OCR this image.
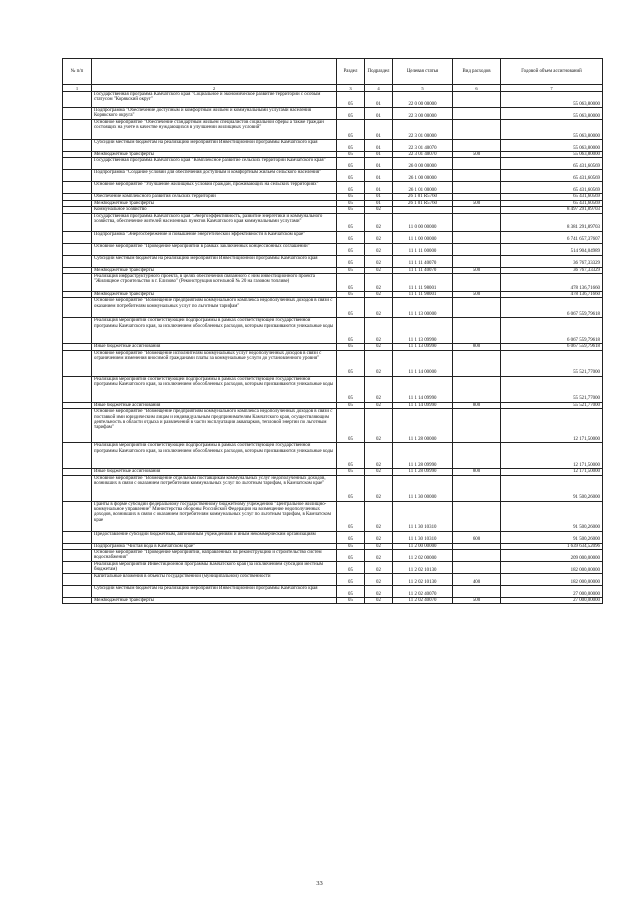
№ п/п	Наименование	Раздел	Подраздел	Целевая статья	Вид расходов	Годовой объем ассигнований
1	2	3	4	5	6	7
	Государственная программа Камчатского края "Социальное и экономическое развитие территории с особым статусом "Корякский округ"	05	01	22 0 00 00000		55 063,80000
	Подпрограмма "Обеспечение доступным и комфортным жильем и коммунальными услугами населения Корякского округа"	05	01	22 3 00 00000		55 063,80000
	Основное мероприятие "Обеспечение стандартным жильем специалистов социальной сферы а также граждан состоящих на учете в качестве нуждающихся в улучшении жилищных условий"	05	01	22 3 01 00000		55 063,80000
	Субсидии местным бюджетам на реализацию мероприятий Инвестиционной программы Камчатского края	05	01	22 3 01 40070		55 063,80000
	Межбюджетные трансферты	05	01	22 3 01 40070	500	55 063,80000
	Государственная программа Камчатского края "Комплексное развитие сельских территорий Камчатского края"	05	01	26 0 00 00000		65 431,60569
	Подпрограмма "Создание условий для обеспечения доступным и комфортным жильем сельского населения"	05	01	26 1 00 00000		65 431,60569
	Основное мероприятие "Улучшение жилищных условий граждан, проживающих на сельских территориях"	05	01	26 1 01 00000		65 431,60569
	Обеспечение комплексного развития сельских территорий	05	01	26 1 01 R5760		65 431,60569
	Межбюджетные трансферты	05	01	26 1 01 R5760	500	65 431,60569
	Коммунальное хозяйство	05	02			8 497 291,89703
	Государственная программа Камчатского края "Энергоэффективность, развитие энергетики и коммунального хозяйства, обеспечение жителей населенных пунктов Камчатского края коммунальными услугами"	05	02	11 0 00 00000		8 381 291,89703
	Подпрограмма "Энергосбережение и повышение энергетической эффективности в Камчатском крае"	05	02	11 1 00 00000		6 741 657,37607
	Основное мероприятие "Проведение мероприятий в рамках заключенных концессионных соглашений"	05	02	11 1 11 00000		514 904,04989
	Субсидии местным бюджетам на реализацию мероприятий Инвестиционной программы Камчатского края	05	02	11 1 11 40070		36 767,33329
	Межбюджетные трансферты	05	02	11 1 11 40070	500	36 767,33329
	Реализация инфраструктурного проекта, в целях обеспечения связанного с ним инвестиционного проекта "Жилищное строительство в г. Елизово" (Реконструкция котельной № 20 на газовом топливе)	05	02	11 1 11 98001		478 136,71660
	Межбюджетные трансферты	05	02	11 1 11 98001	500	478 136,71660
	Основное мероприятие "Возмещение предприятиям коммунального комплекса недополученных доходов в связи с оказанием потребителям коммунальных услуг по льготным тарифам"	05	02	11 1 13 00000		6 067 559,79618
	Реализация мероприятий соответствующей подпрограммы в рамках соответствующей государственной программы Камчатского края, за исключением обособленных расходов, которым присваиваются уникальные коды	05	02	11 1 13 09990		6 067 559,79618
	Иные бюджетные ассигнования	05	02	11 1 13 09990	800	6 067 559,79618
	Основное мероприятие "Возмещение исполнителям коммунальных услуг недополученных доходов в связи с ограничением изменения вносимой гражданами платы за коммунальные услуги до установленного уровня"	05	02	11 1 14 00000		55 521,77000
	Реализация мероприятий соответствующей подпрограммы в рамках соответствующей государственной программы Камчатского края, за исключением обособленных расходов, которым присваиваются уникальные коды	05	02	11 1 14 09990		55 521,77000
	Иные бюджетные ассигнования	05	02	11 1 14 09990	800	55 521,77000
	Основное мероприятие "Возмещение предприятиям коммунального комплекса недополученных доходов в связи с поставкой ими юридическим лицам и индивидуальным предпринимателям Камчатского края, осуществляющим деятельность в области отдыха и развлечений в части эксплуатации аквапарков, тепловой энергии по льготным тарифам"	05	02	11 1 28 00000		12 171,50000
	Реализация мероприятий соответствующей подпрограммы в рамках соответствующей государственной программы Камчатского края, за исключением обособленных расходов, которым присваиваются уникальные коды	05	02	11 1 28 09990		12 171,50000
	Иные бюджетные ассигнования	05	02	11 1 28 09990	800	12 171,50000
	Основное мероприятие "Возмещение отдельным поставщикам коммунальных услуг недополученных доходов, возникших в связи с оказанием потребителям коммунальных услуг по льготным тарифам, в Камчатском крае"	05	02	11 1 30 00000		91 500,26000
	Гранты в форме субсидий федеральному государственному бюджетному учреждению "Центральное жилищно-коммунальное управление" Министерства обороны Российской Федерации на возмещение недополученных доходов, возникших в связи с оказанием потребителям коммунальных услуг по льготным тарифам, в Камчатском крае	05	02	11 1 30 10310		91 500,26000
	Предоставление субсидий бюджетным, автономным учреждениям и иным некоммерческим организациям	05	02	11 1 30 10310	600	91 500,26000
	Подпрограмма "Чистая вода в Камчатском крае"	05	02	11 2 00 00000		1 639 634,52096
	Основное мероприятие "Проведение мероприятий, направленных на реконструкцию и строительство систем водоснабжения"	05	02	11 2 02 00000		209 000,00000
	Реализация мероприятий Инвестиционной программы Камчатского края (за исключением субсидий местным бюджетам)	05	02	11 2 02 10130		182 000,00000
	Капитальные вложения в объекты государственной (муниципальной) собственности	05	02	11 2 02 10130	400	182 000,00000
	Субсидии местным бюджетам на реализацию мероприятий Инвестиционной программы Камчатского края	05	02	11 2 02 40070		27 000,00000
	Межбюджетные трансферты	05	02	11 2 02 40070	500	27 000,00000
33
